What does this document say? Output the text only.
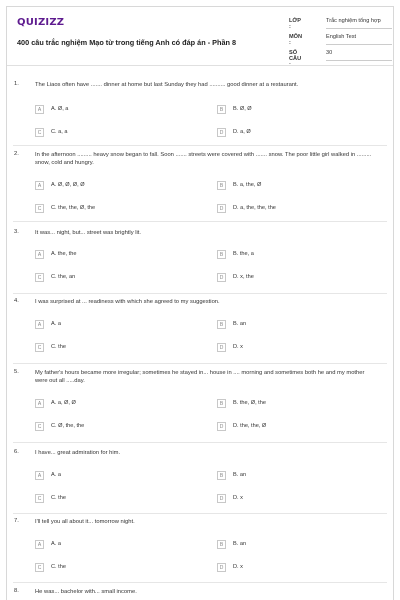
QUIZIZZ
400 câu trắc nghiệm Mạo từ trong tiếng Anh có đáp án - Phần 8
LỚP :
Trắc nghiệm tổng hợp
MÔN :
English Test
SỐ CÂU :
30
1.	The Liaos often have ....... dinner at home but last Sunday they had .......... good dinner at a restaurant.
A	A. Ø, a	B	B. Ø, Ø
C	C. a, a	D	D. a, Ø
2.	In the afternoon ......... heavy snow began to fall. Soon ....... streets were covered with ....... snow. The poor little girl walked in ......... snow, cold and hungry.
A	A. Ø, Ø, Ø, Ø	B	B. a, the, Ø
C	C. the, the, Ø, the	D	D. a, the, the, the
3.	It was... night, but... street was brightly lit.
A	A. the, the	B	B. the, a
C	C. the, an	D	D. x, the
4.	I was surprised at ... readiness with which she agreed to my suggestion.
A	A. a	B	B. an
C	C. the	D	D. x
5.	My father's hours became more irregular; sometimes he stayed in... house in .... morning and sometimes both he and my mother were out all .....day.
A	A. a, Ø, Ø	B	B. the, Ø, the
C	C. Ø, the, the	D	D. the, the, Ø
6.	I have... great admiration for him.
A	A. a	B	B. an
C	C. the	D	D. x
7.	I'll tell you all about it... tomorrow night.
A	A. a	B	B. an
C	C. the	D	D. x
8.	He was... bachelor with... small income.
